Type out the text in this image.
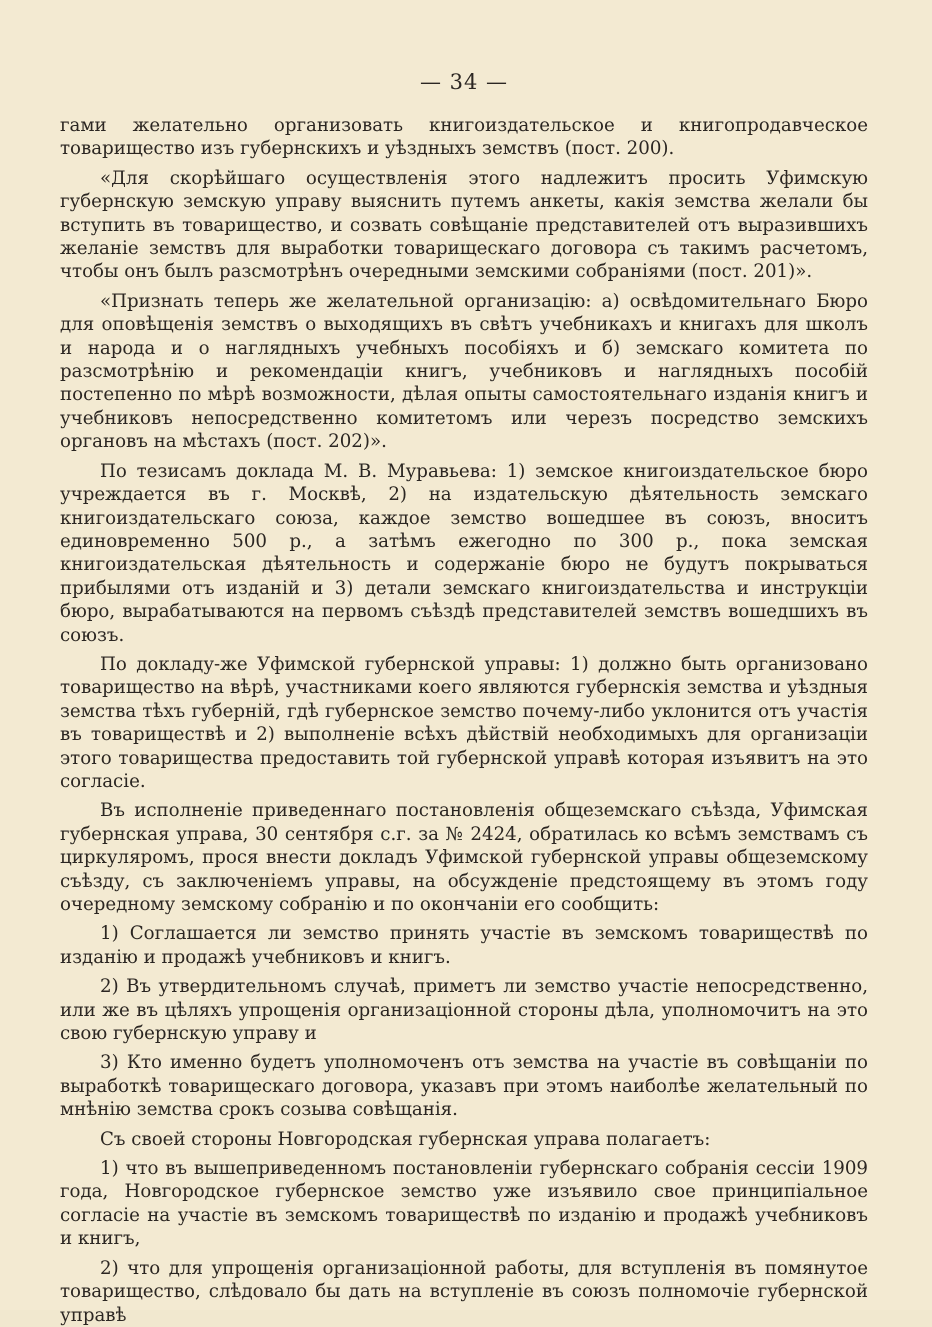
— 34 —

гами желательно организовать книгоиздательское и книгопродавческое товарищество изъ губернскихъ и уѣздныхъ земствъ (пост. 200).

«Для скорѣйшаго осуществленія этого надлежитъ просить Уфимскую губернскую земскую управу выяснить путемъ анкеты, какія земства желали бы вступить въ товарищество, и созвать совѣщаніе представителей отъ выразившихъ желаніе земствъ для выработки товарищескаго договора съ такимъ расчетомъ, чтобы онъ былъ разсмотрѣнъ очередными земскими собраніями (пост. 201)».

«Признать теперь же желательной организацію: а) освѣдомительнаго Бюро для оповѣщенія земствъ о выходящихъ въ свѣтъ учебникахъ и книгахъ для школъ и народа и о наглядныхъ учебныхъ пособіяхъ и б) земскаго комитета по разсмотрѣнію и рекомендаціи книгъ, учебниковъ и наглядныхъ пособій постепенно по мѣрѣ возможности, дѣлая опыты самостоятельнаго изданія книгъ и учебниковъ непосредственно комитетомъ или черезъ посредство земскихъ органовъ на мѣстахъ (пост. 202)».

По тезисамъ доклада М. В. Муравьева: 1) земское книгоиздательское бюро учреждается въ г. Москвѣ, 2) на издательскую дѣятельность земскаго книгоиздательскаго союза, каждое земство вошедшее въ союзъ, вноситъ единовременно 500 р., а затѣмъ ежегодно по 300 р., пока земская книгоиздательская дѣятельность и содержаніе бюро не будутъ покрываться прибылями отъ изданій и 3) детали земскаго книгоиздательства и инструкціи бюро, вырабатываются на первомъ съѣздѣ представителей земствъ вошедшихъ въ союзъ.

По докладу-же Уфимской губернской управы: 1) должно быть организовано товарищество на вѣрѣ, участниками коего являются губернскія земства и уѣздныя земства тѣхъ губерній, гдѣ губернское земство почему-либо уклонится отъ участія въ товариществѣ и 2) выполненіе всѣхъ дѣйствій необходимыхъ для организаціи этого товарищества предоставить той губернской управѣ которая изъявитъ на это согласіе.

Въ исполненіе приведеннаго постановленія общеземскаго съѣзда, Уфимская губернская управа, 30 сентября с.г. за № 2424, обратилась ко всѣмъ земствамъ съ циркуляромъ, прося внести докладъ Уфимской губернской управы общеземскому съѣзду, съ заключеніемъ управы, на обсужденіе предстоящему въ этомъ году очередному земскому собранію и по окончаніи его сообщить:

1) Соглашается ли земство принять участіе въ земскомъ товариществѣ по изданію и продажѣ учебниковъ и книгъ.

2) Въ утвердительномъ случаѣ, приметъ ли земство участіе непосредственно, или же въ цѣляхъ упрощенія организаціонной стороны дѣла, уполномочитъ на это свою губернскую управу и

3) Кто именно будетъ уполномоченъ отъ земства на участіе въ совѣщаніи по выработкѣ товарищескаго договора, указавъ при этомъ наиболѣе желательный по мнѣнію земства срокъ созыва совѣщанія.

Съ своей стороны Новгородская губернская управа полагаетъ:

1) что въ вышеприведенномъ постановленіи губернскаго собранія сессіи 1909 года, Новгородское губернское земство уже изъявило свое принципіальное согласіе на участіе въ земскомъ товариществѣ по изданію и продажѣ учебниковъ и книгъ,

2) что для упрощенія организаціонной работы, для вступленія въ помянутое товарищество, слѣдовало бы дать на вступленіе въ союзъ полномочіе губернской управѣ
